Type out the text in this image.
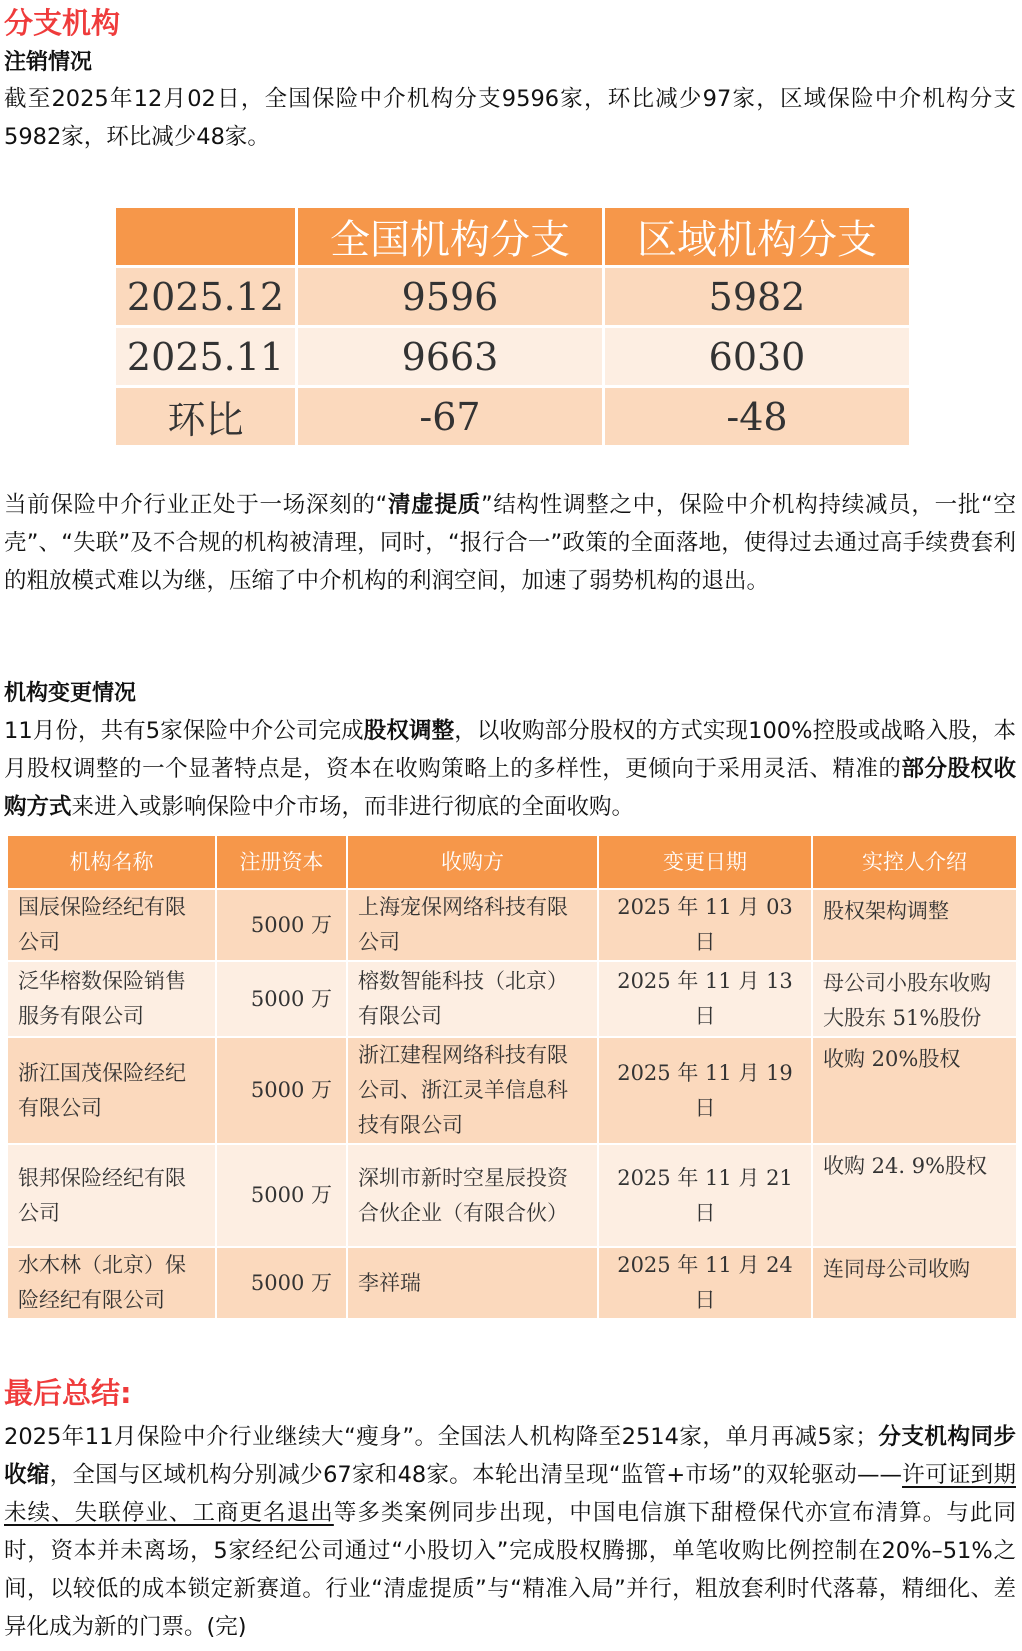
分支机构
注销情况
截至2025年12月02日，全国保险中介机构分支9596家，环比减少97家，区域保险中介机构分支5982家，环比减少48家。
	全国机构分支	区域机构分支
2025.12	9596	5982
2025.11	9663	6030
环比	-67	-48
当前保险中介行业正处于一场深刻的“清虚提质”结构性调整之中，保险中介机构持续减员，一批“空壳”、“失联”及不合规的机构被清理，同时，“报行合一”政策的全面落地，使得过去通过高手续费套利的粗放模式难以为继，压缩了中介机构的利润空间，加速了弱势机构的退出。
机构变更情况
11月份，共有5家保险中介公司完成股权调整，以收购部分股权的方式实现100%控股或战略入股，本月股权调整的一个显著特点是，资本在收购策略上的多样性，更倾向于采用灵活、精准的部分股权收购方式来进入或影响保险中介市场，而非进行彻底的全面收购。
机构名称	注册资本	收购方	变更日期	实控人介绍
国辰保险经纪有限公司	5000 万	上海宠保网络科技有限公司	2025 年 11 月 03 日	股权架构调整
泛华榕数保险销售服务有限公司	5000 万	榕数智能科技（北京）有限公司	2025 年 11 月 13 日	母公司小股东收购大股东 51%股份
浙江国茂保险经纪有限公司	5000 万	浙江建程网络科技有限公司、浙江灵羊信息科技有限公司	2025 年 11 月 19 日	收购 20%股权
银邦保险经纪有限公司	5000 万	深圳市新时空星辰投资合伙企业（有限合伙）	2025 年 11 月 21 日	收购 24. 9%股权
水木林（北京）保险经纪有限公司	5000 万	李祥瑞	2025 年 11 月 24 日	连同母公司收购
最后总结:
2025年11月保险中介行业继续大“瘦身”。全国法人机构降至2514家，单月再减5家；分支机构同步收缩，全国与区域机构分别减少67家和48家。本轮出清呈现“监管+市场”的双轮驱动——许可证到期未续、失联停业、工商更名退出等多类案例同步出现，中国电信旗下甜橙保代亦宣布清算。与此同时，资本并未离场，5家经纪公司通过“小股切入”完成股权腾挪，单笔收购比例控制在20%–51%之间，以较低的成本锁定新赛道。行业“清虚提质”与“精准入局”并行，粗放套利时代落幕，精细化、差异化成为新的门票。(完)
